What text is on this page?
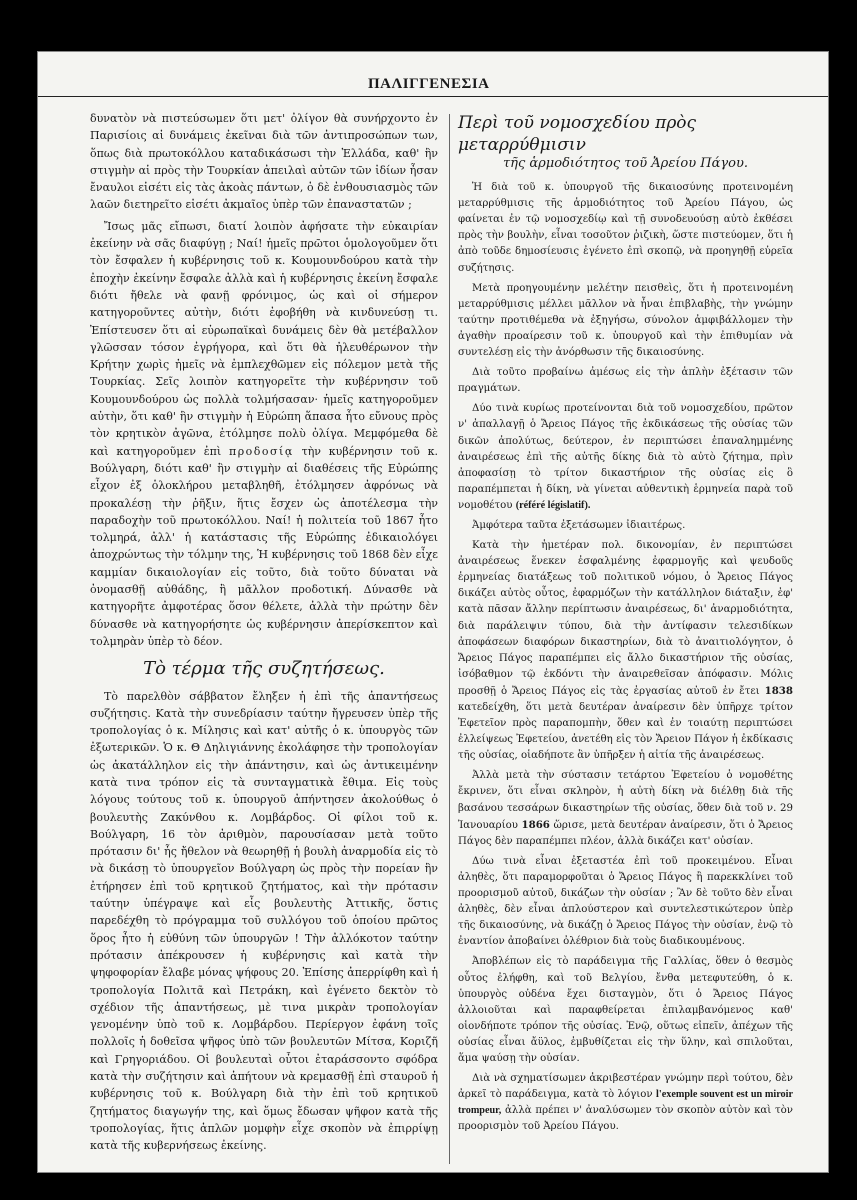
ΠΑΛΙΓΓΕΝΕΣΙΑ

δυνατὸν νὰ πιστεύσωμεν ὅτι μετ' ὀλίγον θὰ συνήρχοντο ἐν Παρισίοις αἱ δυνάμεις ἐκεῖναι διὰ τῶν ἀντιπροσώπων των, ὅπως διὰ πρωτοκόλλου καταδικάσωσι τὴν Ἑλλάδα, καθ' ἣν στιγμὴν αἱ πρὸς τὴν Τουρκίαν ἀπειλαὶ αὐτῶν τῶν ἰδίων ἦσαν ἔναυλοι εἰσέτι εἰς τὰς ἀκοὰς πάντων, ὁ δὲ ἐνθουσιασμὸς τῶν λαῶν διετηρεῖτο εἰσέτι ἀκμαῖος ὑπὲρ τῶν ἐπαναστατῶν ;

Ἴσως μᾶς εἴπωσι, διατί λοιπὸν ἀφήσατε τὴν εὐκαιρίαν ἐκείνην νὰ σᾶς διαφύγῃ ; Ναί! ἡμεῖς πρῶτοι ὁμολογοῦμεν ὅτι τὸν ἔσφαλεν ἡ κυβέρνησις τοῦ κ. Κουμουνδούρου κατὰ τὴν ἐποχὴν ἐκείνην ἔσφαλε ἀλλὰ καὶ ἡ κυβέρνησις ἐκείνη ἔσφαλε διότι ἤθελε νὰ φανῇ φρόνιμος, ὡς καὶ οἱ σήμερον κατηγοροῦντες αὐτὴν, διότι ἐφοβήθη νὰ κινδυνεύσῃ τι. Ἐπίστευσεν ὅτι αἱ εὐρωπαϊκαὶ δυνάμεις δὲν θὰ μετέβαλλον γλῶσσαν τόσον ἐγρήγορα, καὶ ὅτι θὰ ἠλευθέρωνον τὴν Κρήτην χωρὶς ἡμεῖς νὰ ἐμπλεχθῶμεν εἰς πόλεμον μετὰ τῆς Τουρκίας. Σεῖς λοιπὸν κατηγορεῖτε τὴν κυβέρνησιν τοῦ Κουμουνδούρου ὡς πολλὰ τολμήσασαν· ἡμεῖς κατηγοροῦμεν αὐτὴν, ὅτι καθ' ἣν στιγμὴν ἡ Εὐρώπη ἅπασα ἦτο εὔνους πρὸς τὸν κρητικὸν ἀγῶνα, ἐτόλμησε πολὺ ὀλίγα. Μεμφόμεθα δὲ καὶ κατηγοροῦμεν ἐπὶ προδοσίᾳ τὴν κυβέρνησιν τοῦ κ. Βούλγαρη, διότι καθ' ἣν στιγμὴν αἱ διαθέσεις τῆς Εὐρώπης εἶχον ἐξ ὁλοκλήρου μεταβληθῆ, ἐτόλμησεν ἀφρόνως νὰ προκαλέσῃ τὴν ῥῆξιν, ἥτις ἔσχεν ὡς ἀποτέλεσμα τὴν παραδοχὴν τοῦ πρωτοκόλλου. Ναί! ἡ πολιτεία τοῦ 1867 ἦτο τολμηρά, ἀλλ' ἡ κατάστασις τῆς Εὐρώπης ἐδικαιολόγει ἀποχρώντως τὴν τόλμην της, Ἡ κυβέρνησις τοῦ 1868 δὲν εἶχε καμμίαν δικαιολογίαν εἰς τοῦτο, διὰ τοῦτο δύναται νὰ ὀνομασθῇ αὐθάδης, ἢ μᾶλλον προδοτική. Δύνασθε νὰ κατηγορῆτε ἀμφοτέρας ὅσον θέλετε, ἀλλὰ τὴν πρώτην δὲν δύνασθε νὰ κατηγορήσητε ὡς κυβέρνησιν ἀπερίσκεπτον καὶ τολμηρὰν ὑπὲρ τὸ δέον.

Τὸ τέρμα τῆς συζητήσεως.

Τὸ παρελθὸν σάββατον ἔληξεν ἡ ἐπὶ τῆς ἀπαντήσεως συζήτησις. Κατὰ τὴν συνεδρίασιν ταύτην ἤγρευσεν ὑπὲρ τῆς τροπολογίας ὁ κ. Μίλησις καὶ κατ' αὐτῆς ὁ κ. ὑπουργὸς τῶν ἐξωτερικῶν. Ὁ κ. Θ Δηλιγιάννης ἐκολάφησε τὴν τροπολογίαν ὡς ἀκατάλληλον εἰς τὴν ἀπάντησιν, καὶ ὡς ἀντικειμένην κατὰ τινα τρόπον εἰς τὰ συνταγματικὰ ἔθιμα. Εἰς τοὺς λόγους τούτους τοῦ κ. ὑπουργοῦ ἀπήντησεν ἀκολούθως ὁ βουλευτὴς Ζακύνθου κ. Λομβάρδος. Οἱ φίλοι τοῦ κ. Βούλγαρη, 16 τὸν ἀριθμὸν, παρουσίασαν μετὰ τοῦτο πρότασιν δι' ἧς ἤθελον νὰ θεωρηθῇ ἡ βουλὴ ἀναρμοδία εἰς τὸ νὰ δικάσῃ τὸ ὑπουργεῖον Βούλγαρη ὡς πρὸς τὴν πορείαν ἣν ἐτήρησεν ἐπὶ τοῦ κρητικοῦ ζητήματος, καὶ τὴν πρότασιν ταύτην ὑπέγραψε καὶ εἷς βουλευτὴς Ἀττικῆς, ὅστις παρεδέχθη τὸ πρόγραμμα τοῦ συλλόγου τοῦ ὁποίου πρῶτος ὅρος ἦτο ἡ εὐθύνη τῶν ὑπουργῶν ! Τὴν ἀλλόκοτον ταύτην πρότασιν ἀπέκρουσεν ἡ κυβέρνησις καὶ κατὰ τὴν ψηφοφορίαν ἔλαβε μόνας ψήφους 20. Ἐπίσης ἀπερρίφθη καὶ ἡ τροπολογία Πολιτᾶ καὶ Πετράκη, καὶ ἐγένετο δεκτὸν τὸ σχέδιον τῆς ἀπαντήσεως, μὲ τινα μικρὰν τροπολογίαν γενομένην ὑπὸ τοῦ κ. Λομβάρδου. Περίεργον ἐφάνη τοῖς πολλοῖς ἡ δοθεῖσα ψῆφος ὑπὸ τῶν βουλευτῶν Μίτσα, Κοριζῆ καὶ Γρηγοριάδου. Οἱ βουλευταὶ οὗτοι ἐταράσσοντο σφόδρα κατὰ τὴν συζήτησιν καὶ ἀπήτουν νὰ κρεμασθῇ ἐπὶ σταυροῦ ἡ κυβέρνησις τοῦ κ. Βούλγαρη διὰ τὴν ἐπὶ τοῦ κρητικοῦ ζητήματος διαγωγήν της, καὶ ὅμως ἔδωσαν ψῆφον κατὰ τῆς τροπολογίας, ἥτις ἁπλῶν μομφὴν εἶχε σκοπὸν νὰ ἐπιρρίψῃ κατὰ τῆς κυβερνήσεως ἐκείνης.

Περὶ τοῦ νομοσχεδίου πρὸς μεταρρύθμισιν
τῆς ἁρμοδιότητος τοῦ Ἀρείου Πάγου.

Ἡ διὰ τοῦ κ. ὑπουργοῦ τῆς δικαιοσύνης προτεινομένη μεταρρύθμισις τῆς ἁρμοδιότητος τοῦ Ἀρείου Πάγου, ὡς φαίνεται ἐν τῷ νομοσχεδίῳ καὶ τῇ συνοδευούσῃ αὐτὸ ἐκθέσει πρὸς τὴν βουλὴν, εἶναι τοσοῦτον ῥιζικὴ, ὥστε πιστεύομεν, ὅτι ἡ ἀπὸ τοῦδε δημοσίευσις ἐγένετο ἐπὶ σκοπῷ, νὰ προηγηθῇ εὐρεῖα συζήτησις.

Μετὰ προηγουμένην μελέτην πεισθεὶς, ὅτι ἡ προτεινομένη μεταρρύθμισις μέλλει μᾶλλον νὰ ἦναι ἐπιβλαβὴς, τὴν γνώμην ταύτην προτιθέμεθα νὰ ἐξηγήσω, σύνολον ἀμφιβάλλομεν τὴν ἀγαθὴν προαίρεσιν τοῦ κ. ὑπουργοῦ καὶ τὴν ἐπιθυμίαν νὰ συντελέσῃ εἰς τὴν ἀνόρθωσιν τῆς δικαιοσύνης.

Διὰ τοῦτο προβαίνω ἀμέσως εἰς τὴν ἁπλὴν ἐξέτασιν τῶν πραγμάτων.

Δύο τινὰ κυρίως προτείνονται διὰ τοῦ νομοσχεδίου, πρῶτον ν' ἀπαλλαγῇ ὁ Ἄρειος Πάγος τῆς ἐκδικάσεως τῆς οὐσίας τῶν δικῶν ἀπολύτως, δεύτερον, ἐν περιπτώσει ἐπαναλημμένης ἀναιρέσεως ἐπὶ τῆς αὐτῆς δίκης διὰ τὸ αὐτὸ ζήτημα, πρὶν ἀποφασίσῃ τὸ τρίτον δικαστήριον τῆς οὐσίας εἰς ὃ παραπέμπεται ἡ δίκη, νὰ γίνεται αὐθεντικὴ ἑρμηνεία παρὰ τοῦ νομοθέτου (référé législatif).

Ἀμφότερα ταῦτα ἐξετάσωμεν ἰδιαιτέρως.

Κατὰ τὴν ἡμετέραν πολ. δικονομίαν, ἐν περιπτώσει ἀναιρέσεως ἕνεκεν ἐσφαλμένης ἐφαρμογῆς καὶ ψευδοῦς ἑρμηνείας διατάξεως τοῦ πολιτικοῦ νόμου, ὁ Ἄρειος Πάγος δικάζει αὐτὸς οὗτος, ἐφαρμόζων τὴν κατάλληλον διάταξιν, ἐφ' κατὰ πᾶσαν ἄλλην περίπτωσιν ἀναιρέσεως, δι' ἀναρμοδιότητα, διὰ παράλειψιν τύπου, διὰ τὴν ἀντίφασιν τελεσιδίκων ἀποφάσεων διαφόρων δικαστηρίων, διὰ τὸ ἀναιτιολόγητον, ὁ Ἄρειος Πάγος παραπέμπει εἰς ἄλλο δικαστήριον τῆς οὐσίας, ἰσόβαθμον τῷ ἐκδόντι τὴν ἀναιρεθεῖσαν ἀπόφασιν. Μόλις προσθῇ ὁ Ἄρειος Πάγος εἰς τὰς ἐργασίας αὐτοῦ ἐν ἔτει 1838 κατεδείχθη, ὅτι μετὰ δευτέραν ἀναίρεσιν δὲν ὑπῆρχε τρίτον Ἐφετεῖον πρὸς παραπομπὴν, ὅθεν καὶ ἐν τοιαύτῃ περιπτώσει ἐλλείψεως Ἐφετείου, ἀνετέθη εἰς τὸν Ἄρειον Πάγον ἡ ἐκδίκασις τῆς οὐσίας, οἱαδήποτε ἂν ὑπῆρξεν ἡ αἰτία τῆς ἀναιρέσεως.

Ἀλλὰ μετὰ τὴν σύστασιν τετάρτου Ἐφετείου ὁ νομοθέτης ἔκρινεν, ὅτι εἶναι σκληρὸν, ἡ αὐτὴ δίκη νὰ διέλθῃ διὰ τῆς βασάνου τεσσάρων δικαστηρίων τῆς οὐσίας, ὅθεν διὰ τοῦ ν. 29 Ἰανουαρίου 1866 ὥρισε, μετὰ δευτέραν ἀναίρεσιν, ὅτι ὁ Ἄρειος Πάγος δὲν παραπέμπει πλέον, ἀλλὰ δικάζει κατ' οὐσίαν.

Δύω τινὰ εἶναι ἐξεταστέα ἐπὶ τοῦ προκειμένου. Εἶναι ἀληθὲς, ὅτι παραμορφοῦται ὁ Ἄρειος Πάγος ἢ παρεκκλίνει τοῦ προορισμοῦ αὐτοῦ, δικάζων τὴν οὐσίαν ; Ἂν δὲ τοῦτο δὲν εἶναι ἀληθὲς, δὲν εἶναι ἁπλούστερον καὶ συντελεστικώτερον ὑπὲρ τῆς δικαιοσύνης, νὰ δικάζῃ ὁ Ἄρειος Πάγος τὴν οὐσίαν, ἐνῷ τὸ ἐναντίον ἀποβαίνει ὀλέθριον διὰ τοὺς διαδικουμένους.

Ἀποβλέπων εἰς τὸ παράδειγμα τῆς Γαλλίας, ὅθεν ὁ θεσμὸς οὗτος ἐλήφθη, καὶ τοῦ Βελγίου, ἔνθα μετεφυτεύθη, ὁ κ. ὑπουργὸς οὐδένα ἔχει δισταγμὸν, ὅτι ὁ Ἄρειος Πάγος ἀλλοιοῦται καὶ παραφθείρεται ἐπιλαμβανόμενος καθ' οἱονδήποτε τρόπον τῆς οὐσίας. Ἐνῷ, οὕτως εἰπεῖν, ἀπέχων τῆς οὐσίας εἶναι ἄϋλος, ἐμβυθίζεται εἰς τὴν ὕλην, καὶ σπιλοῦται, ἅμα ψαύσῃ τὴν οὐσίαν.

Διὰ νὰ σχηματίσωμεν ἀκριβεστέραν γνώμην περὶ τούτου, δὲν ἀρκεῖ τὸ παράδειγμα, κατὰ τὸ λόγιον l'exemple souvent est un miroir trompeur, ἀλλὰ πρέπει ν' ἀναλύσωμεν τὸν σκοπὸν αὐτὸν καὶ τὸν προορισμὸν τοῦ Ἀρείου Πάγου.
